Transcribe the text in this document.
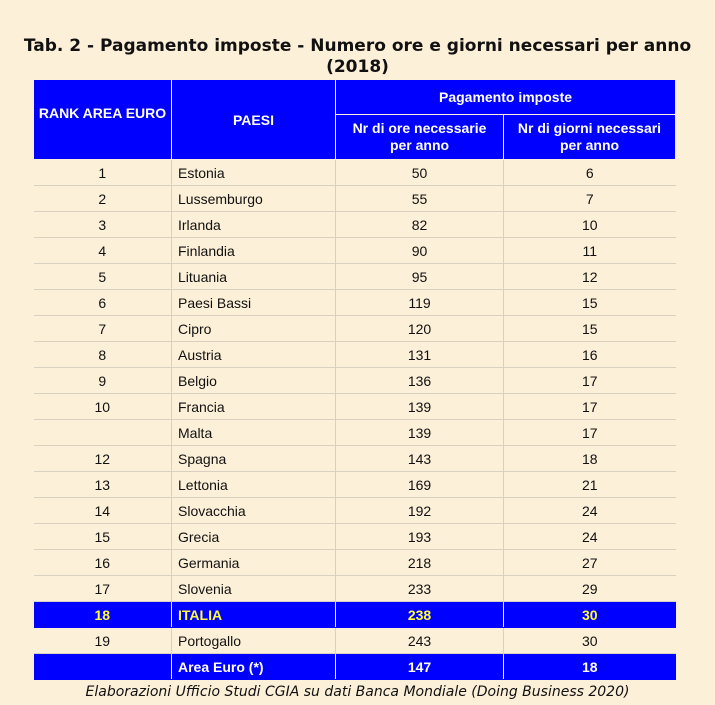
Tab. 2 - Pagamento imposte - Numero ore e giorni necessari per anno
(2018)
RANK AREA EURO	PAESI	Pagamento imposte	
		Nr di ore necessarie per anno	Nr di giorni necessari per anno
1	Estonia	50	6
2	Lussemburgo	55	7
3	Irlanda	82	10
4	Finlandia	90	11
5	Lituania	95	12
6	Paesi Bassi	119	15
7	Cipro	120	15
8	Austria	131	16
9	Belgio	136	17
10	Francia	139	17
	Malta	139	17
12	Spagna	143	18
13	Lettonia	169	21
14	Slovacchia	192	24
15	Grecia	193	24
16	Germania	218	27
17	Slovenia	233	29
18	ITALIA	238	30
19	Portogallo	243	30
	Area Euro (*)	147	18
Elaborazioni Ufficio Studi CGIA su dati Banca Mondiale (Doing Business 2020)
